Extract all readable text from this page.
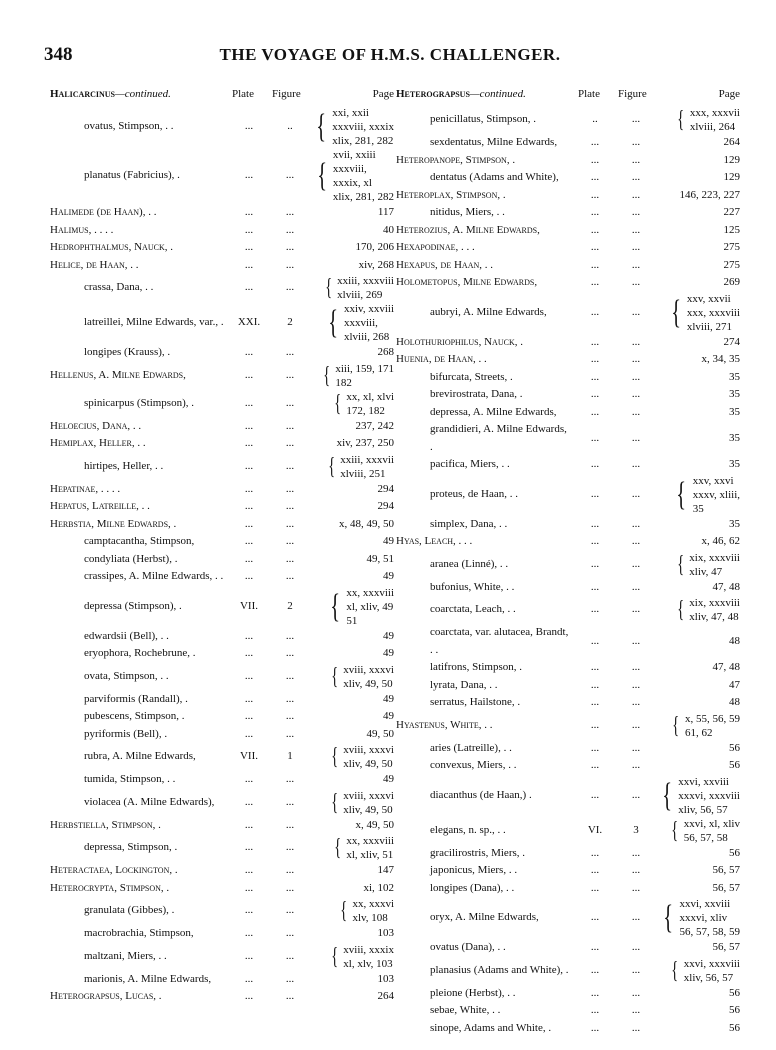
348	THE VOYAGE OF H.M.S. CHALLENGER.
Halicarcinus—continued.	Plate Figure	Page
ovatus, Stimpson, . .	...	.. { xxi, xxii
xxxviii, xxxix
xlix, 281, 282
planatus (Fabricius), .	...	... {
xvii, xxiii
xxxviii,
xxxix, xl
xlix, 281, 282
Halimede (de Haan), . .	...	...	117
Halimus, . . . .	...	...	40
Hedrophthalmus, Nauck, .	...	...	170, 206
Helice, de Haan, . .	...	...	xiv, 268
crassa, Dana, . .	...	...	{ xxiii, xxxviii
xlviii, 269
latreillei, Milne Edwards, var., .	XXI.	2	{ xxiv, xxviii
xxxviii,
xlviii, 268
longipes (Krauss), .	...	...	268
Hellenus, A. Milne Edwards,	...	...	{ xiii, 159, 171
182
spinicarpus (Stimpson), .	...	...	{ xx, xl, xlvi
172, 182
Heloecius, Dana, . .	...	...	237, 242
Hemiplax, Heller, . .	...	...	xiv, 237, 250
hirtipes, Heller, . .	...	...	{ xxiii, xxxvii
xlviii, 251
Hepatinae, . . . .	...	...	294
Hepatus, Latreille, . .	...	...	294
Herbstia, Milne Edwards, .	...	...	x, 48, 49, 50
camptacantha, Stimpson,	...	...	49
condyliata (Herbst), .	...	...	49, 51
crassipes, A. Milne Edwards, . .	...	...	49
depressa (Stimpson), .	VII.	2	{ xx, xxxviii
xl, xliv, 49
51
edwardsii (Bell), . .	...	...	49
eryophora, Rochebrune, .	...	...	49
ovata, Stimpson, . .	...	...	{ xviii, xxxvi
xliv, 49, 50
parviformis (Randall), .	...	...	49
pubescens, Stimpson, .	...	...	49
pyriformis (Bell), .	...	...	49, 50
rubra, A. Milne Edwards,	VII.	1	{ xviii, xxxvi
xliv, 49, 50
tumida, Stimpson, . .	...	...	49
violacea (A. Milne Edwards),	...	...	{ xviii, xxxvi
xliv, 49, 50
Herbstiella, Stimpson, .	...	...	x, 49, 50
depressa, Stimpson, .	...	...	{ xx, xxxviii
xl, xliv, 51
Heteractaea, Lockington, .	...	...	147
Heterocrypta, Stimpson, .	...	...	xi, 102
granulata (Gibbes), .	...	...	{ xx, xxxvi
xlv, 108
macrobrachia, Stimpson,	...	...	103
maltzani, Miers, . .	...	...	{ xviii, xxxix
xl, xlv, 103
marionis, A. Milne Edwards,	...	...	103
Heterograpsus, Lucas, .	...	...	264
Heterograpsus—continued.	Plate Figure	Page
penicillatus, Stimpson, .	..	...	{ xxx, xxxvii
xlviii, 264
sexdentatus, Milne Edwards,	...	...	264
Heteropanope, Stimpson, .	...	...	129
dentatus (Adams and White),	...	...	129
Heteroplax, Stimpson, .	...	...	146, 223, 227
nitidus, Miers, . .	...	...	227
Heterozius, A. Milne Edwards,	...	...	125
Hexapodinae, . . .	...	...	275
Hexapus, de Haan, . .	...	...	275
Holometopus, Milne Edwards,	...	...	269
aubryi, A. Milne Edwards,	...	... { xxv, xxvii
xxx, xxxviii
xlviii, 271
Holothuriophilus, Nauck, .	...	...	274
Huenia, de Haan, . .	...	...	x, 34, 35
bifurcata, Streets, .	...	...	35
brevirostrata, Dana, .	...	...	35
depressa, A. Milne Edwards,	...	...	35
grandidieri, A. Milne Edwards, .
...	...	35
pacifica, Miers, . .	...	...	35
proteus, de Haan, . .	...	...	{ xxv, xxvi
xxxv, xliii,
35
simplex, Dana, . .	...	...	35
Hyas, Leach, . . .	...	...	x, 46, 62
aranea (Linné), . .	...	...	{ xix, xxxviii
xliv, 47
bufonius, White, . .	...	...	47, 48
coarctata, Leach, . .	...	...	{ xix, xxxviii
xliv, 47, 48
coarctata, var. alutacea, Brandt, . .
...	...	48
latifrons, Stimpson, .	...	...	47, 48
lyrata, Dana, . .	...	...	47
serratus, Hailstone, .	...	...	48
Hyastenus, White, . .	...	...	{ x, 55, 56, 59
61, 62
aries (Latreille), . .	...	...	56
convexus, Miers, . .	...	...	56
diacanthus (de Haan,) .	...	... { xxvi, xxviii
xxxvi, xxxviii
xliv, 56, 57
elegans, n. sp., . .	VI.	3	{ xxvi, xl, xliv
56, 57, 58
gracilirostris, Miers, .	...	...	56
japonicus, Miers, . .	...	...	56, 57
longipes (Dana), . .	...	...	56, 57
oryx, A. Milne Edwards,	...	... { xxvi, xxviii
xxxvi, xliv
56, 57, 58, 59
ovatus (Dana), . .	...	...	56, 57
planasius (Adams and White), .	...	...	{ xxvi, xxxviii
xliv, 56, 57
pleione (Herbst), . .	...	...	56
sebae, White, . .	...	...	56
sinope, Adams and White, .	...	...	56
